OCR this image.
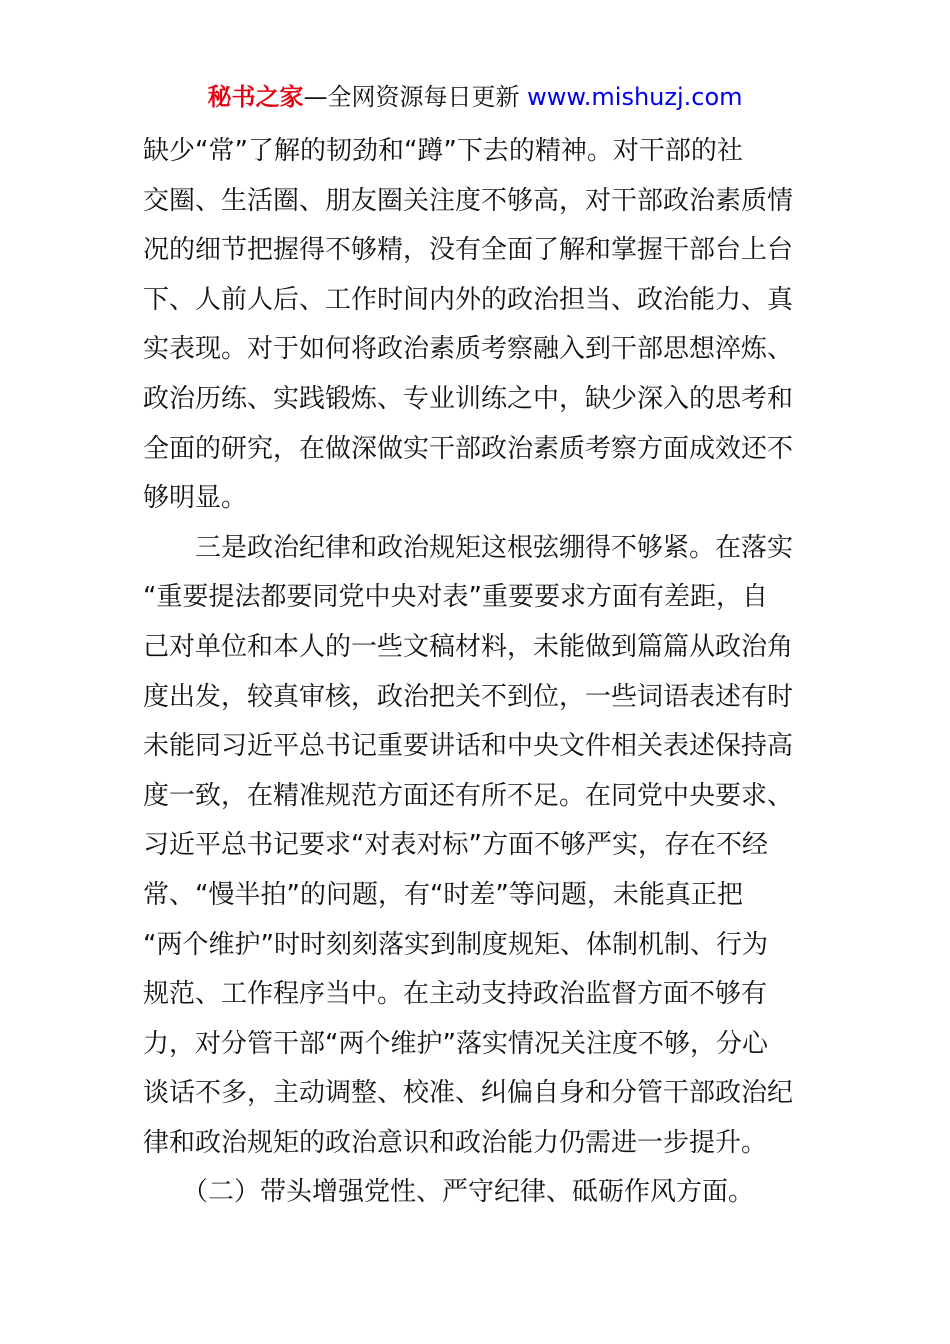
秘书之家—全网资源每日更新 www.mishuzj.com
缺少“常”了解的韧劲和“蹲”下去的精神。对干部的社
交圈、生活圈、朋友圈关注度不够高，对干部政治素质情
况的细节把握得不够精，没有全面了解和掌握干部台上台
下、人前人后、工作时间内外的政治担当、政治能力、真
实表现。对于如何将政治素质考察融入到干部思想淬炼、
政治历练、实践锻炼、专业训练之中，缺少深入的思考和
全面的研究，在做深做实干部政治素质考察方面成效还不
够明显。
　　三是政治纪律和政治规矩这根弦绷得不够紧。在落实
“重要提法都要同党中央对表”重要要求方面有差距，自
己对单位和本人的一些文稿材料，未能做到篇篇从政治角
度出发，较真审核，政治把关不到位，一些词语表述有时
未能同习近平总书记重要讲话和中央文件相关表述保持高
度一致，在精准规范方面还有所不足。在同党中央要求、
习近平总书记要求“对表对标”方面不够严实，存在不经
常、“慢半拍”的问题，有“时差”等问题，未能真正把
“两个维护”时时刻刻落实到制度规矩、体制机制、行为
规范、工作程序当中。在主动支持政治监督方面不够有
力，对分管干部“两个维护”落实情况关注度不够，分心
谈话不多，主动调整、校准、纠偏自身和分管干部政治纪
律和政治规矩的政治意识和政治能力仍需进一步提升。
　　（二）带头增强党性、严守纪律、砥砺作风方面。
